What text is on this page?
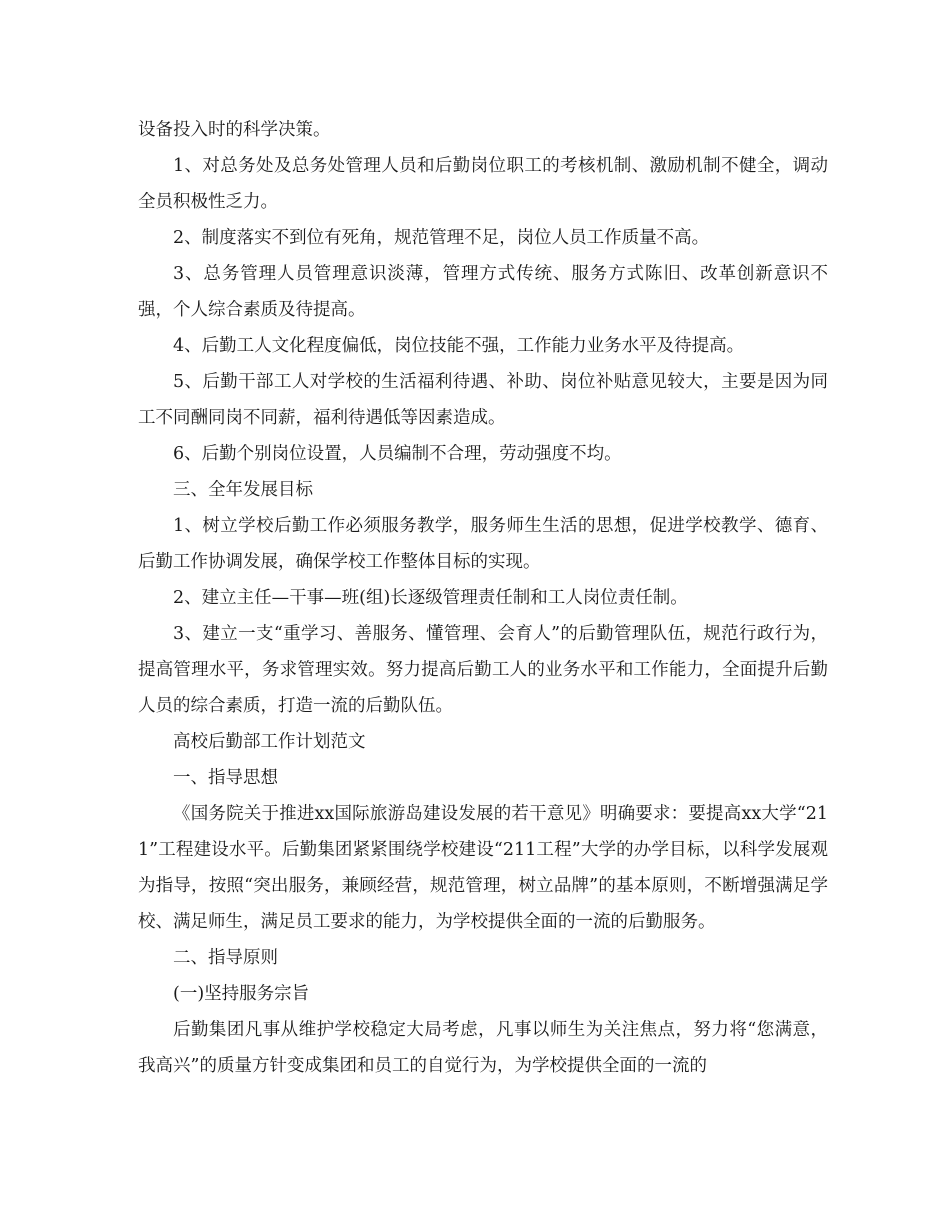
设备投入时的科学决策。

1、对总务处及总务处管理人员和后勤岗位职工的考核机制、激励机制不健全，调动全员积极性乏力。

2、制度落实不到位有死角，规范管理不足，岗位人员工作质量不高。

3、总务管理人员管理意识淡薄，管理方式传统、服务方式陈旧、改革创新意识不强，个人综合素质及待提高。

4、后勤工人文化程度偏低，岗位技能不强，工作能力业务水平及待提高。

5、后勤干部工人对学校的生活福利待遇、补助、岗位补贴意见较大，主要是因为同工不同酬同岗不同薪，福利待遇低等因素造成。

6、后勤个别岗位设置，人员编制不合理，劳动强度不均。

三、全年发展目标

1、树立学校后勤工作必须服务教学，服务师生生活的思想，促进学校教学、德育、后勤工作协调发展，确保学校工作整体目标的实现。

2、建立主任—干事—班(组)长逐级管理责任制和工人岗位责任制。

3、建立一支“重学习、善服务、懂管理、会育人”的后勤管理队伍，规范行政行为，提高管理水平，务求管理实效。努力提高后勤工人的业务水平和工作能力，全面提升后勤人员的综合素质，打造一流的后勤队伍。

高校后勤部工作计划范文

一、指导思想

《国务院关于推进xx国际旅游岛建设发展的若干意见》明确要求：要提高xx大学“211”工程建设水平。后勤集团紧紧围绕学校建设“211工程”大学的办学目标，以科学发展观为指导，按照“突出服务，兼顾经营，规范管理，树立品牌”的基本原则，不断增强满足学校、满足师生，满足员工要求的能力，为学校提供全面的一流的后勤服务。

二、指导原则

(一)坚持服务宗旨

后勤集团凡事从维护学校稳定大局考虑，凡事以师生为关注焦点，努力将“您满意，我高兴”的质量方针变成集团和员工的自觉行为，为学校提供全面的一流的
